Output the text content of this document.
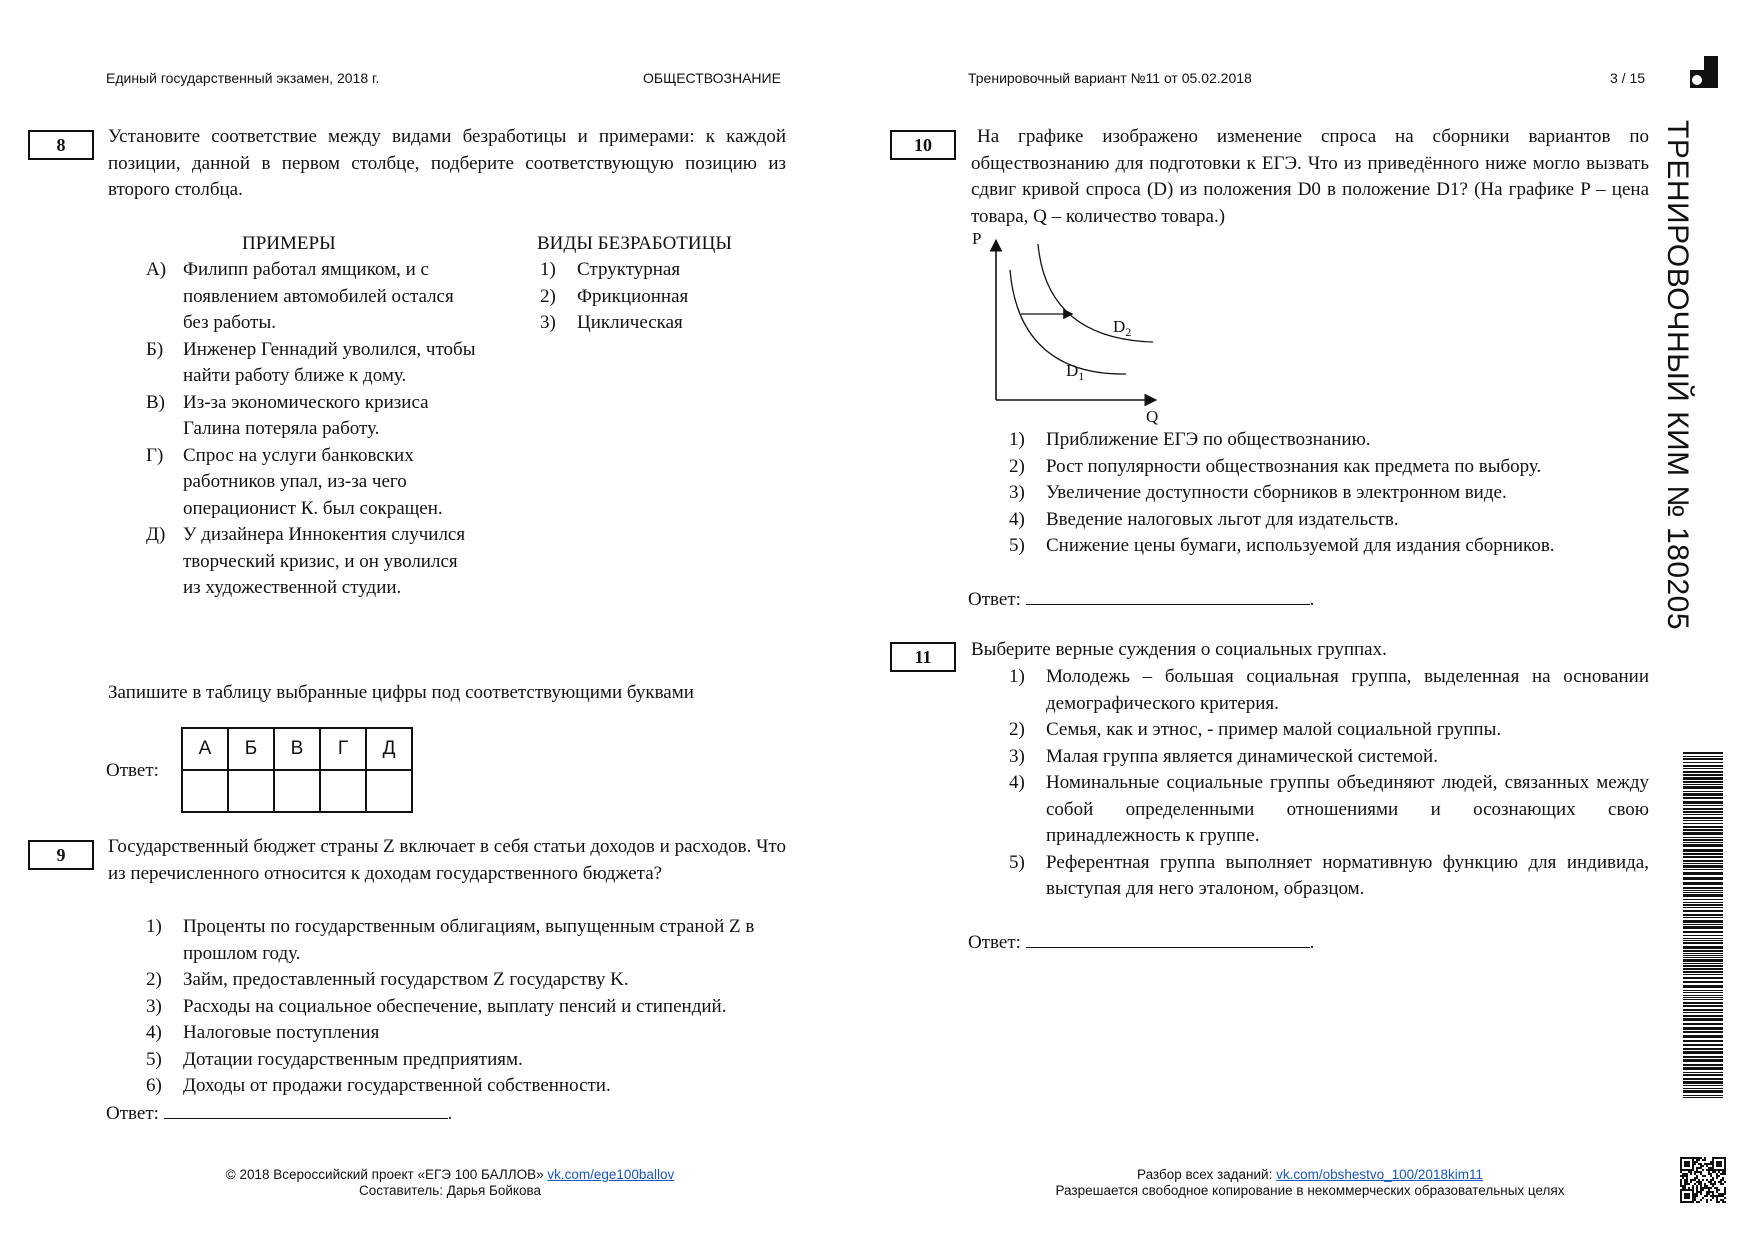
Единый государственный экзамен, 2018 г.	ОБЩЕСТВОЗНАНИЕ	Тренировочный вариант №11 от 05.02.2018	3 / 15
ТРЕНИРОВОЧНЫЙ КИМ № 180205
8	Установите соответствие между видами безработицы и примерами: к каждой позиции, данной в первом столбце, подберите соответствующую позицию из второго столбца.
ПРИМЕРЫ	ВИДЫ БЕЗРАБОТИЦЫ
А) Филипп работал ямщиком, и с появлением автомобилей остался без работы.
Б) Инженер Геннадий уволился, чтобы найти работу ближе к дому.
В) Из-за экономического кризиса Галина потеряла работу.
Г) Спрос на услуги банковских работников упал, из-за чего операционист К. был сокращен.
Д) У дизайнера Иннокентия случился творческий кризис, и он уволился из художественной студии.
1) Структурная
2) Фрикционная
3) Циклическая
Запишите в таблицу выбранные цифры под соответствующими буквами
Ответ:
А	Б	В	Г	Д

9	Государственный бюджет страны Z включает в себя статьи доходов и расходов. Что из перечисленного относится к доходам государственного бюджета?
1) Проценты по государственным облигациям, выпущенным страной Z в прошлом году.
2) Займ, предоставленный государством Z государству K.
3) Расходы на социальное обеспечение, выплату пенсий и стипендий.
4) Налоговые поступления
5) Дотации государственным предприятиям.
6) Доходы от продажи государственной собственности.
Ответ:	.
10	На графике изображено изменение спроса на сборники вариантов по обществознанию для подготовки к ЕГЭ. Что из приведённого ниже могло вызвать сдвиг кривой спроса (D) из положения D0 в положение D1? (На графике P – цена товара, Q – количество товара.)
P
Q
$D_1$
$D_2$
1) Приближение ЕГЭ по обществознанию.
2) Рост популярности обществознания как предмета по выбору.
3) Увеличение доступности сборников в электронном виде.
4) Введение налоговых льгот для издательств.
5) Снижение цены бумаги, используемой для издания сборников.
Ответ:	.
11	Выберите верные суждения о социальных группах.
1) Молодежь – большая социальная группа, выделенная на основании демографического критерия.
2) Семья, как и этнос, - пример малой социальной группы.
3) Малая группа является динамической системой.
4) Номинальные социальные группы объединяют людей, связанных между собой определенными отношениями и осознающих свою принадлежность к группе.
5) Референтная группа выполняет нормативную функцию для индивида, выступая для него эталоном, образцом.
Ответ:	.
© 2018 Всероссийский проект «ЕГЭ 100 БАЛЛОВ» vk.com/ege100ballov
Составитель: Дарья Бойкова
Разбор всех заданий: vk.com/obshestvo_100/2018kim11
Разрешается свободное копирование в некоммерческих образовательных целях
